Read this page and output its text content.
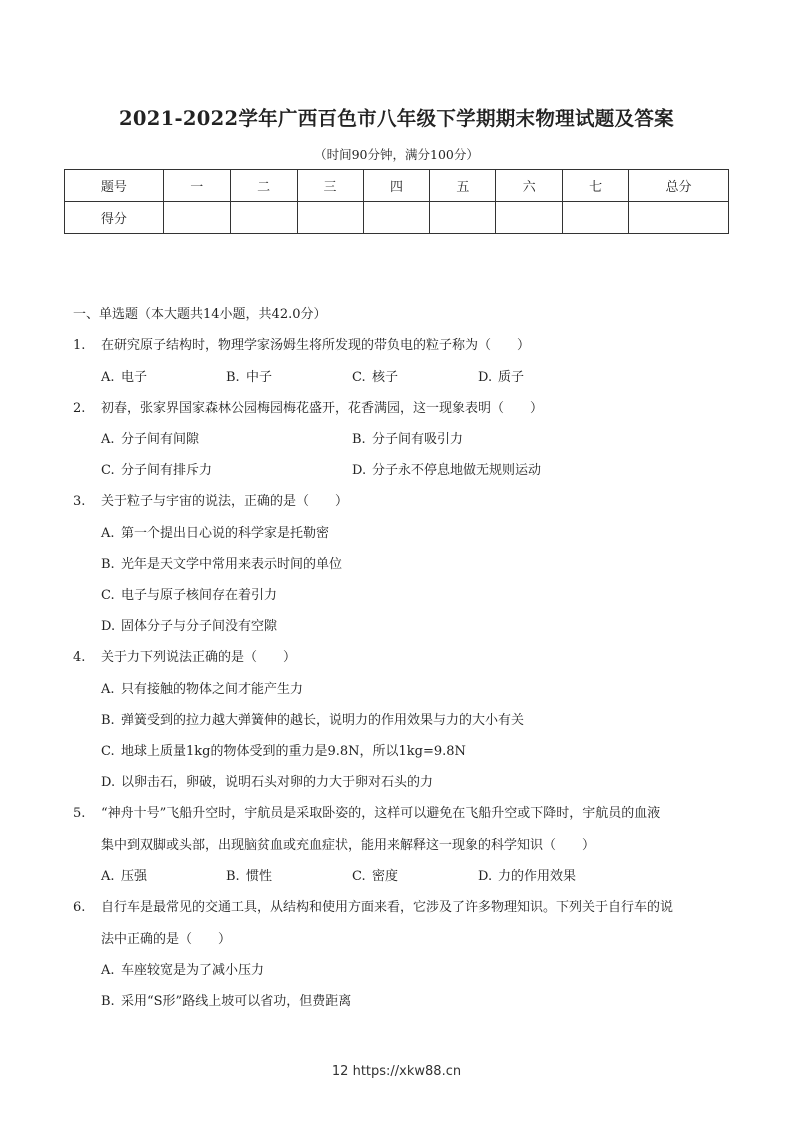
2021-2022学年广西百色市八年级下学期期末物理试题及答案
（时间90分钟，满分100分）
题号	一	二	三	四	五	六	七	总分
得分								
一、单选题（本大题共14小题，共42.0分）
1. 在研究原子结构时，物理学家汤姆生将所发现的带负电的粒子称为（　　）
A. 电子	B. 中子	C. 核子	D. 质子
2. 初春，张家界国家森林公园梅园梅花盛开，花香满园，这一现象表明（　　）
A. 分子间有间隙	B. 分子间有吸引力
C. 分子间有排斥力	D. 分子永不停息地做无规则运动
3. 关于粒子与宇宙的说法，正确的是（　　）
A. 第一个提出日心说的科学家是托勒密
B. 光年是天文学中常用来表示时间的单位
C. 电子与原子核间存在着引力
D. 固体分子与分子间没有空隙
4. 关于力下列说法正确的是（　　）
A. 只有接触的物体之间才能产生力
B. 弹簧受到的拉力越大弹簧伸的越长，说明力的作用效果与力的大小有关
C. 地球上质量1kg的物体受到的重力是9.8N，所以1kg=9.8N
D. 以卵击石，卵破，说明石头对卵的力大于卵对石头的力
5. “神舟十号”飞船升空时，宇航员是采取卧姿的，这样可以避免在飞船升空或下降时，宇航员的血液
集中到双脚或头部，出现脑贫血或充血症状，能用来解释这一现象的科学知识（　　）
A. 压强	B. 惯性	C. 密度	D. 力的作用效果
6. 自行车是最常见的交通工具，从结构和使用方面来看，它涉及了许多物理知识。下列关于自行车的说
法中正确的是（　　）
A. 车座较宽是为了减小压力
B. 采用“S形”路线上坡可以省功，但费距离
12 https://xkw88.cn
